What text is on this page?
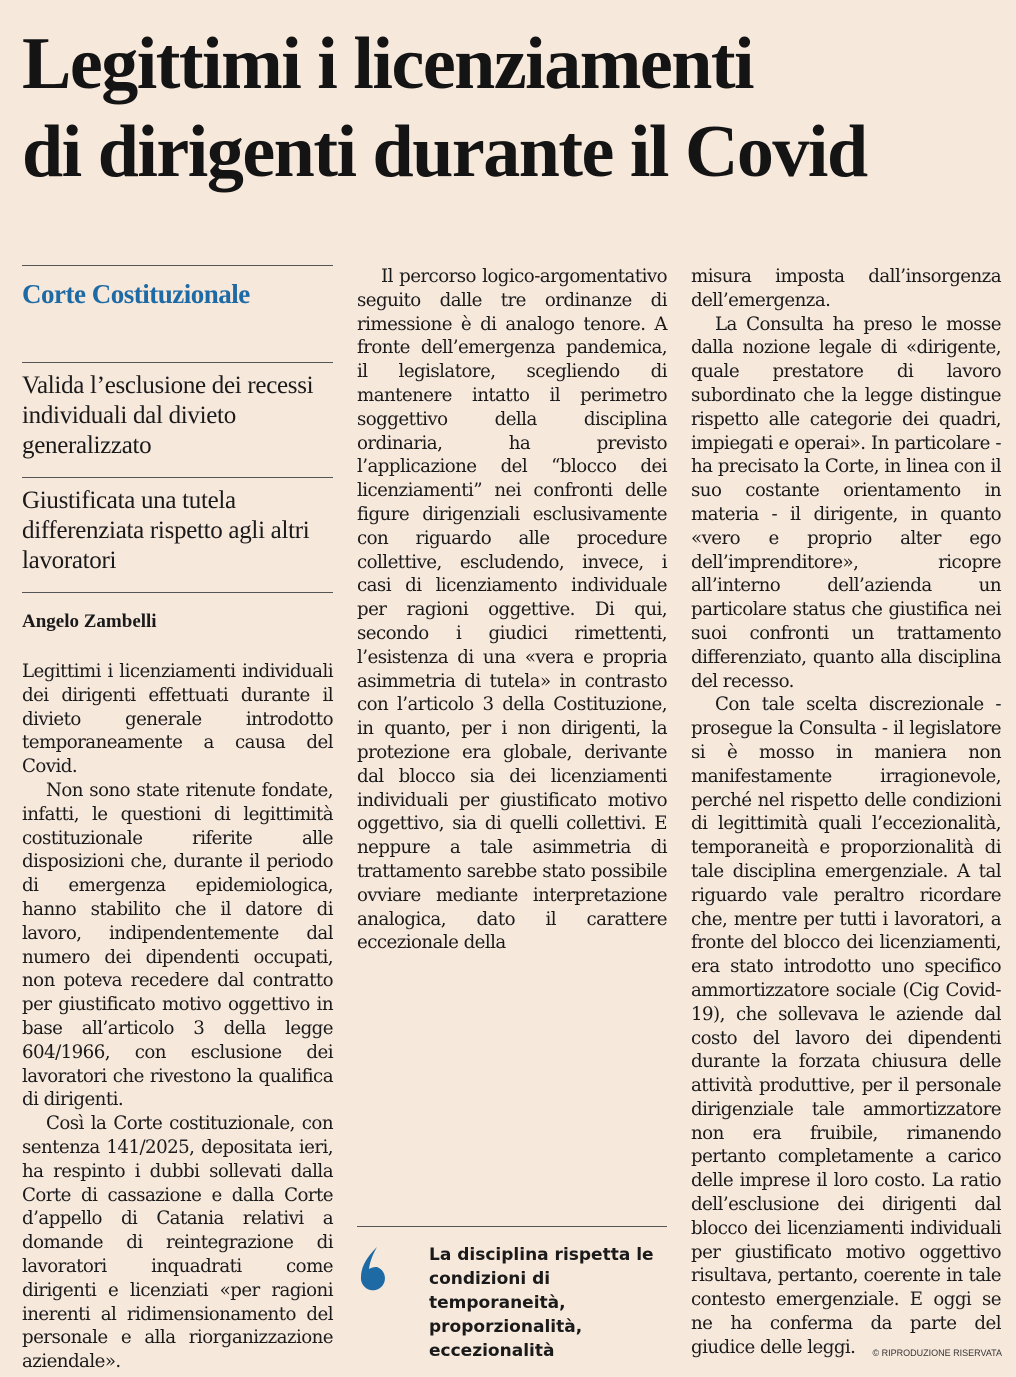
Legittimi i licenziamenti
di dirigenti durante il Covid
Corte Costituzionale

Valida l’esclusione dei recessi individuali dal divieto generalizzato

Giustificata una tutela differenziata rispetto agli altri lavoratori

Angelo Zambelli

Legittimi i licenziamenti individuali dei dirigenti effettuati durante il divieto generale introdotto temporaneamente a causa del Covid.

Non sono state ritenute fondate, infatti, le questioni di legittimità costituzionale riferite alle disposizioni che, durante il periodo di emergenza epidemiologica, hanno stabilito che il datore di lavoro, indipendentemente dal numero dei dipendenti occupati, non poteva recedere dal contratto per giustificato motivo oggettivo in base all’articolo 3 della legge 604/1966, con esclusione dei lavoratori che rivestono la qualifica di dirigenti.

Così la Corte costituzionale, con sentenza 141/2025, depositata ieri, ha respinto i dubbi sollevati dalla Corte di cassazione e dalla Corte d’appello di Catania relativi a domande di reintegrazione di lavoratori inquadrati come dirigenti e licenziati «per ragioni inerenti al ridimensionamento del personale e alla riorganizzazione aziendale».

Il percorso logico-argomentativo seguito dalle tre ordinanze di rimessione è di analogo tenore. A fronte dell’emergenza pandemica, il legislatore, scegliendo di mantenere intatto il perimetro soggettivo della disciplina ordinaria, ha previsto l’applicazione del “blocco dei licenziamenti” nei confronti delle figure dirigenziali esclusivamente con riguardo alle procedure collettive, escludendo, invece, i casi di licenziamento individuale per ragioni oggettive. Di qui, secondo i giudici rimettenti, l’esistenza di una «vera e propria asimmetria di tutela» in contrasto con l’articolo 3 della Costituzione, in quanto, per i non dirigenti, la protezione era globale, derivante dal blocco sia dei licenziamenti individuali per giustificato motivo oggettivo, sia di quelli collettivi. E neppure a tale asimmetria di trattamento sarebbe stato possibile ovviare mediante interpretazione analogica, dato il carattere eccezionale della

La disciplina rispetta le condizioni di temporaneità, proporzionalità, eccezionalità

misura imposta dall’insorgenza dell’emergenza.

La Consulta ha preso le mosse dalla nozione legale di «dirigente, quale prestatore di lavoro subordinato che la legge distingue rispetto alle categorie dei quadri, impiegati e operai». In particolare - ha precisato la Corte, in linea con il suo costante orientamento in materia - il dirigente, in quanto «vero e proprio alter ego dell’imprenditore», ricopre all’interno dell’azienda un particolare status che giustifica nei suoi confronti un trattamento differenziato, quanto alla disciplina del recesso.

Con tale scelta discrezionale - prosegue la Consulta - il legislatore si è mosso in maniera non manifestamente irragionevole, perché nel rispetto delle condizioni di legittimità quali l’eccezionalità, temporaneità e proporzionalità di tale disciplina emergenziale. A tal riguardo vale peraltro ricordare che, mentre per tutti i lavoratori, a fronte del blocco dei licenziamenti, era stato introdotto uno specifico ammortizzatore sociale (Cig Covid-19), che sollevava le aziende dal costo del lavoro dei dipendenti durante la forzata chiusura delle attività produttive, per il personale dirigenziale tale ammortizzatore non era fruibile, rimanendo pertanto completamente a carico delle imprese il loro costo. La ratio dell’esclusione dei dirigenti dal blocco dei licenziamenti individuali per giustificato motivo oggettivo risultava, pertanto, coerente in tale contesto emergenziale. E oggi se ne ha conferma da parte del giudice delle leggi.	© RIPRODUZIONE RISERVATA
